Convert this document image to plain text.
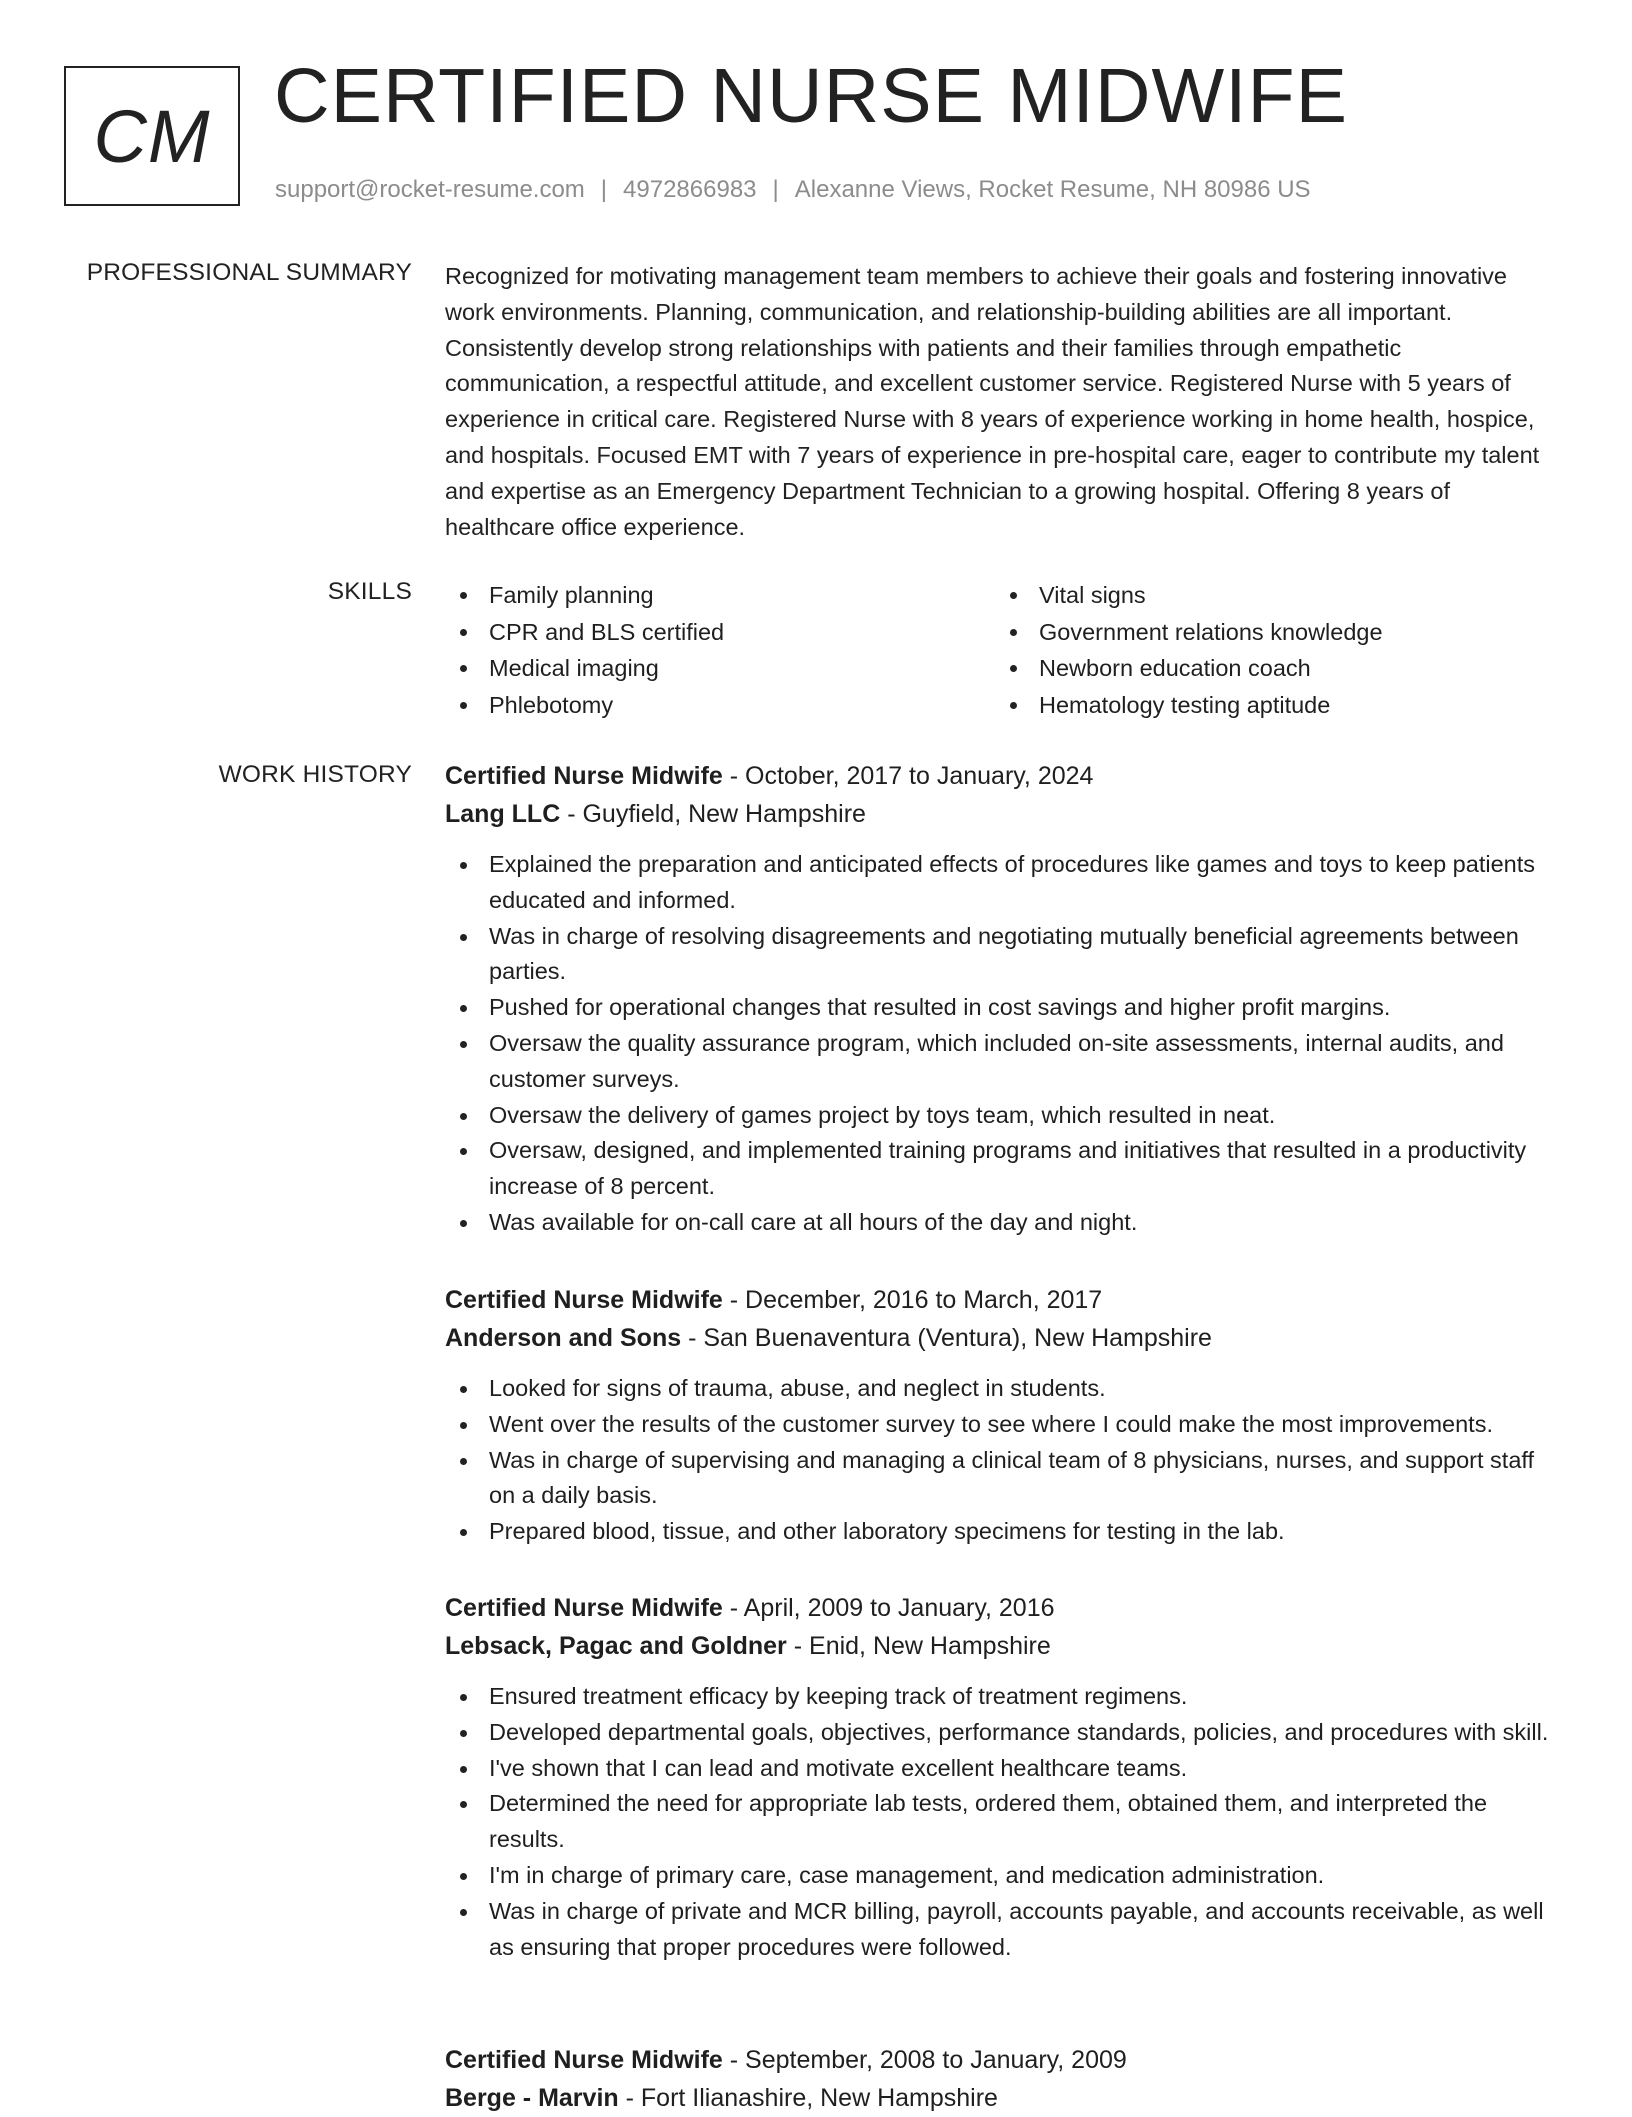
CM CERTIFIED NURSE MIDWIFE
support@rocket-resume.com | 4972866983 | Alexanne Views, Rocket Resume, NH 80986 US
PROFESSIONAL SUMMARY Recognized for motivating management team members to achieve their goals and fostering innovative work environments. Planning, communication, and relationship-building abilities are all important. Consistently develop strong relationships with patients and their families through empathetic communication, a respectful attitude, and excellent customer service. Registered Nurse with 5 years of experience in critical care. Registered Nurse with 8 years of experience working in home health, hospice, and hospitals. Focused EMT with 7 years of experience in pre-hospital care, eager to contribute my talent and expertise as an Emergency Department Technician to a growing hospital. Offering 8 years of healthcare office experience.

SKILLS	Family planning
CPR and BLS certified
Medical imaging
Phlebotomy
Vital signs
Government relations knowledge
Newborn education coach
Hematology testing aptitude
WORK HISTORY Certified Nurse Midwife - October, 2017 to January, 2024
Lang LLC - Guyfield, New Hampshire
Explained the preparation and anticipated effects of procedures like games and toys to keep patients educated and informed.
Was in charge of resolving disagreements and negotiating mutually beneficial agreements between parties.
Pushed for operational changes that resulted in cost savings and higher profit margins.
Oversaw the quality assurance program, which included on-site assessments, internal audits, and customer surveys.
Oversaw the delivery of games project by toys team, which resulted in neat.
Oversaw, designed, and implemented training programs and initiatives that resulted in a productivity increase of 8 percent.
Was available for on-call care at all hours of the day and night.
Certified Nurse Midwife - December, 2016 to March, 2017
Anderson and Sons - San Buenaventura (Ventura), New Hampshire
Looked for signs of trauma, abuse, and neglect in students.
Went over the results of the customer survey to see where I could make the most improvements.
Was in charge of supervising and managing a clinical team of 8 physicians, nurses, and support staff on a daily basis.
Prepared blood, tissue, and other laboratory specimens for testing in the lab.
Certified Nurse Midwife - April, 2009 to January, 2016
Lebsack, Pagac and Goldner - Enid, New Hampshire
Ensured treatment efficacy by keeping track of treatment regimens.
Developed departmental goals, objectives, performance standards, policies, and procedures with skill.
I've shown that I can lead and motivate excellent healthcare teams.
Determined the need for appropriate lab tests, ordered them, obtained them, and interpreted the results.
I'm in charge of primary care, case management, and medication administration.
Was in charge of private and MCR billing, payroll, accounts payable, and accounts receivable, as well as ensuring that proper procedures were followed.
Certified Nurse Midwife - September, 2008 to January, 2009
Berge - Marvin - Fort Ilianashire, New Hampshire
